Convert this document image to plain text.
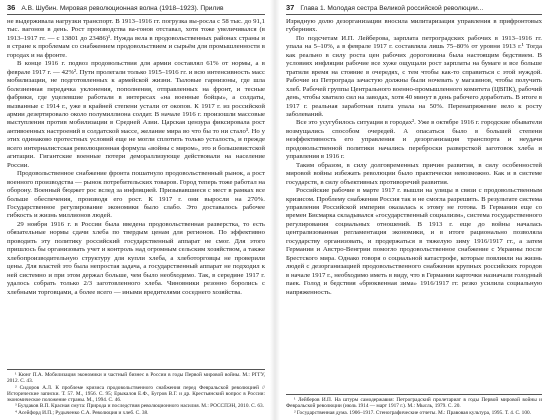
36 А.В. Шубин. Мировая революционная волна (1918–1923). Прилив

не выдерживала нагрузки транспорт. В 1913–1916 гг. погрузка вы-росла с 58 тыс. до 91,1 тыс. вагонов в день. Рост производства ва-гонов отставал, хотя тоже увеличивался (в 1913–1917 гг. — с 13801 до 23486)¹. Нужда вела в продовольственных районах страны и в стране к проблемам со снабжением продовольствием и сырьём для промышленности в городах и на фронте.

В конце 1916 г. подвоз продовольствия для армии составлял 61% от нормы, а в феврале 1917 г. — 42%². Пути пролегали только 1915–1916 гг. и всю интенсивность масс мобилизации, не подготовленных к армейской жизни. Тыловые гарнизоны, где шла болезненная передачка уклонения, пополнения, отправленных на фронт, и тесные фабрики, где уцелевшие работали в интересах «на военные бойцы», а солдаты, вызванные с 1914 г., уже в крайней степени устали от окопов. К 1917 г. из российской армии дезертировало около полумиллиона солдат. В начале 1916 г. произошли массовые выступления против мобилизации в Средней Азии. Царская цензура фиксировала рост антивоенных настроений в солдатской массе, желание мира во что бы то ни стало³. Но у этих одинаково протестных условий еще не могли сплотить только усталость, и прежде всего интерналистская революционная формула «войны с миром», это и большевистской агитации. Гигантские военные потери демораллизующе действовали на население России.

Продовольственное снабжение фронта пошатнуло продовольственный рынок, а рост военного производства — рынок потребительских товаров. Город теперь тоже работал на оборону. Военный бюджет рос вслед за инфляцией. Призывавшиеся с мест в рамках все больше обеспечения, производя его рост. К 1917 г. они выросли на 270%. Государственное регулирование экономики было слабо. Это доставалось рабочее гибкость и жизнь миллионов людей.

29 ноября 1916 г. в России была введена продовольственная разверстка, то есть обязательные нормы сдачи хлеба по твердым ценам для регионов. По эффективно проводить эту политику российский государственный аппарат не смог. Для этого пришлось бы организовать учет и контроль над огромным сельским хозяйством, а также хлебопроизводительную структуру для купли хлеба, а хлеботорговцы не проверили цены. Для властей это была непростая задача, а государственный аппарат не подходил к ней системно и при этом держал больше, чем было необходимо. Так, в середине 1917 г. удалось собрать только 2/3 заготовленного хлеба. Чиновники резонно боролись с хлебными торговцами, а более всего — иными вредителями соседнего хозяйства.

¹ Кюнг П.А. Мобилизация экономики и частный бизнес в России в годы Первой мировой войны. М.: РГГУ, 2012. С. 43.

² Сидоров А.Л. К проблеме кризиса продовольственного снабжения перед Февральской революцией // Исторические записки. Т. 57. М., 1956. С. 95; Ерыкалов Е.Ф., Бугров В.Г. и др. Крестьянский вопрос в России: экономическое положение страны. М., 1994. С. 46.

³ Булдаков В.П. Красная смута: Природа и последствия революционного насилия. М.: РОССПЭН, 2010. С. 63.

⁴ Асейфорд И.П.; Рудыченко С.А. Революция и хлеб. С. 38.

37 Глава 1. Молодая сестра Великой российской революции...

Изрядную долю дезорганизации вносила милитаризация управления в прифронтовых губерниях.

По подсчетам И.П. Лейберова, зарплата петроградских рабочих в 1913–1916 гг. упала на 5–10%, а в феврале 1917 г. составляла лишь 75–80% от уровня 1913 г.¹ Тогда как реально в силу роста цен рабочих дороговизна была настоящим бедствием. В условиях инфляции рабочие все хуже ощущали рост зарплаты на бумаге и все больше тратили время на стояние в очередях, с тем чтобы как-то справиться с этой нуждой. Рабочие из Петрограда зачастую должны были ночевать у магазинов, чтобы получить хлеб. Рабочей группы Центрального военно-промышленного комитета (ЦВПК), рабочий день, чтобы хватило сил на заводах, хотя 40 минут в день рабочего доработать. В итоге в 1917 г. реальная заработная плата упала на 50%. Перенапряжение вело к росту заболеваний.

Все это усугубилось ситуация в городах². Уже в октябре 1916 г. городские обыватели возмущались способом очередей. А опасаться было в большей степени неэффективность его управления и дезорганизация транспорта и неудачи продовольственной политики начались переброски разверсткой заготовок хлеба и управления в 1916 г.

Таким образом, в силу долговременных причин развития, в силу особенностей мировой войны избежать революции было практически невозможно. Как и в системе государств, в силу объективных противоречий развития.

Российские рабочие в марте 1917 г. вышли на улицы в связи с продовольственным кризисом. Проблему снабжения Россия так и не смогла разрешить. В результате система управления Российской империи оказалась к этому не готова. В Германии еще со времен Бисмарка складывался «государственный социализм», система государственного регулирования социальных отношений. В 1913 г. еще до войны началась централизованная регламентация экономики, и в итоге рационально позволяла государству организовать, и продержаться в тяжелую зиму 1916/1917 гг., а затем Германии и Австро-Венгрии помогло продовольственное снабжение с Украины после Брестского мира. Однако говоря о социальной катастрофе, которые повлияли на жизнь людей с дезорганизацией продовольственного снабжения крупных российских городов в начале 1917 г., необходимо иметь в виду, что в Германии карточки назначали голодный паек. Голод и бедствия «брюквенная зима» 1916/1917 гг. резко усилила социальную напряженность.

¹ Лейберов И.П. На штурм самодержавия: Петроградский пролетариат в годы Первой мировой войны и Февральской революции (июль 1914 — март 1917 г.). М.: Мысль, 1979. С. 20.

² Государственная дума. 1906–1917. Стенографические отчеты. М.: Правовая культура, 1995. Т. 4. С. 100.
